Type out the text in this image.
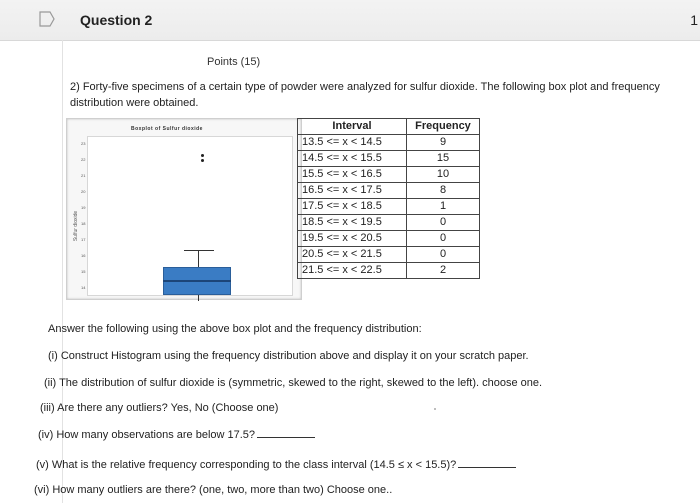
Question 2	1
Points (15)
2) Forty-five specimens of a certain type of powder were analyzed for sulfur dioxide. The following box plot and frequency distribution were obtained.
Boxplot of Sulfur dioxide
Sulfur dioxide
23
22
21
20
19
18
17
16
15
14
Interval	Frequency
13.5 <= x < 14.5	9
14.5 <= x < 15.5	15
15.5 <= x < 16.5	10
16.5 <= x < 17.5	8
17.5 <= x < 18.5	1
18.5 <= x < 19.5	0
19.5 <= x < 20.5	0
20.5 <= x < 21.5	0
21.5 <= x < 22.5	2
Answer the following using the above box plot and the frequency distribution:
(i) Construct Histogram using the frequency distribution above and display it on your scratch paper.
(ii) The distribution of sulfur dioxide is (symmetric, skewed to the right, skewed to the left). choose one.
(iii) Are there any outliers? Yes, No (Choose one)
(iv) How many observations are below 17.5?
(v) What is the relative frequency corresponding to the class interval (14.5 ≤ x < 15.5)?
(vi) How many outliers are there? (one, two, more than two) Choose one..
